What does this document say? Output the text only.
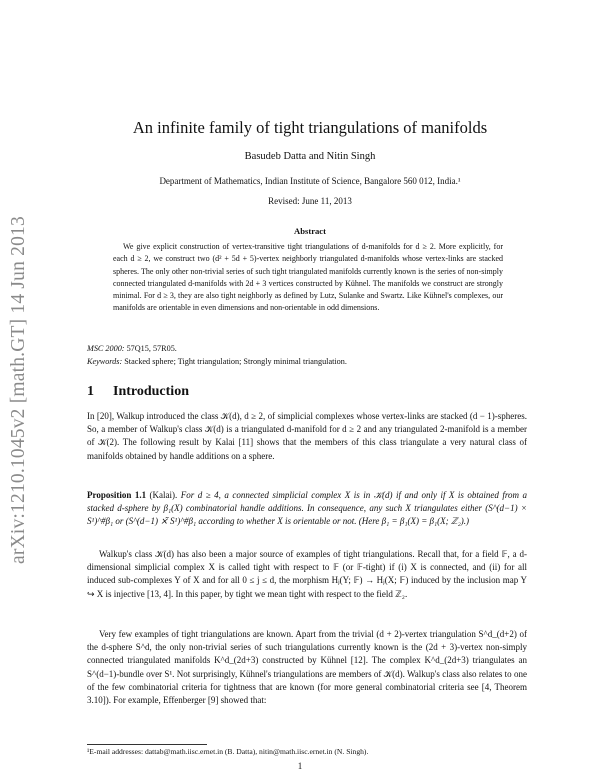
arXiv:1210.1045v2 [math.GT] 14 Jun 2013
An infinite family of tight triangulations of manifolds
Basudeb Datta and Nitin Singh
Department of Mathematics, Indian Institute of Science, Bangalore 560 012, India.¹
Revised: June 11, 2013
Abstract
We give explicit construction of vertex-transitive tight triangulations of d-manifolds for d ≥ 2. More explicitly, for each d ≥ 2, we construct two (d² + 5d + 5)-vertex neighborly triangulated d-manifolds whose vertex-links are stacked spheres. The only other non-trivial series of such tight triangulated manifolds currently known is the series of non-simply connected triangulated d-manifolds with 2d + 3 vertices constructed by Kühnel. The manifolds we construct are strongly minimal. For d ≥ 3, they are also tight neighborly as defined by Lutz, Sulanke and Swartz. Like Kühnel's complexes, our manifolds are orientable in even dimensions and non-orientable in odd dimensions.
MSC 2000: 57Q15, 57R05.
Keywords: Stacked sphere; Tight triangulation; Strongly minimal triangulation.
1 Introduction
In [20], Walkup introduced the class 𝒦(d), d ≥ 2, of simplicial complexes whose vertex-links are stacked (d − 1)-spheres. So, a member of Walkup's class 𝒦(d) is a triangulated d-manifold for d ≥ 2 and any triangulated 2-manifold is a member of 𝒦(2). The following result by Kalai [11] shows that the members of this class triangulate a very natural class of manifolds obtained by handle additions on a sphere.
Proposition 1.1 (Kalai). For d ≥ 4, a connected simplicial complex X is in 𝒦(d) if and only if X is obtained from a stacked d-sphere by β₁(X) combinatorial handle additions. In consequence, any such X triangulates either (S^(d−1) × S¹)^#β₁ or (S^(d−1) ⨯̃ S¹)^#β₁ according to whether X is orientable or not. (Here β₁ = β₁(X) = β₁(X; ℤ₂).)
Walkup's class 𝒦(d) has also been a major source of examples of tight triangulations. Recall that, for a field 𝔽, a d-dimensional simplicial complex X is called tight with respect to 𝔽 (or 𝔽-tight) if (i) X is connected, and (ii) for all induced sub-complexes Y of X and for all 0 ≤ j ≤ d, the morphism Hⱼ(Y; 𝔽) → Hⱼ(X; 𝔽) induced by the inclusion map Y ↪ X is injective [13, 4]. In this paper, by tight we mean tight with respect to the field ℤ₂.
Very few examples of tight triangulations are known. Apart from the trivial (d + 2)-vertex triangulation S^d_(d+2) of the d-sphere S^d, the only non-trivial series of such triangulations currently known is the (2d + 3)-vertex non-simply connected triangulated manifolds K^d_(2d+3) constructed by Kühnel [12]. The complex K^d_(2d+3) triangulates an S^(d−1)-bundle over S¹. Not surprisingly, Kühnel's triangulations are members of 𝒦(d). Walkup's class also relates to one of the few combinatorial criteria for tightness that are known (for more general combinatorial criteria see [4, Theorem 3.10]). For example, Effenberger [9] showed that:
¹E-mail addresses: dattab@math.iisc.ernet.in (B. Datta), nitin@math.iisc.ernet.in (N. Singh).
1
